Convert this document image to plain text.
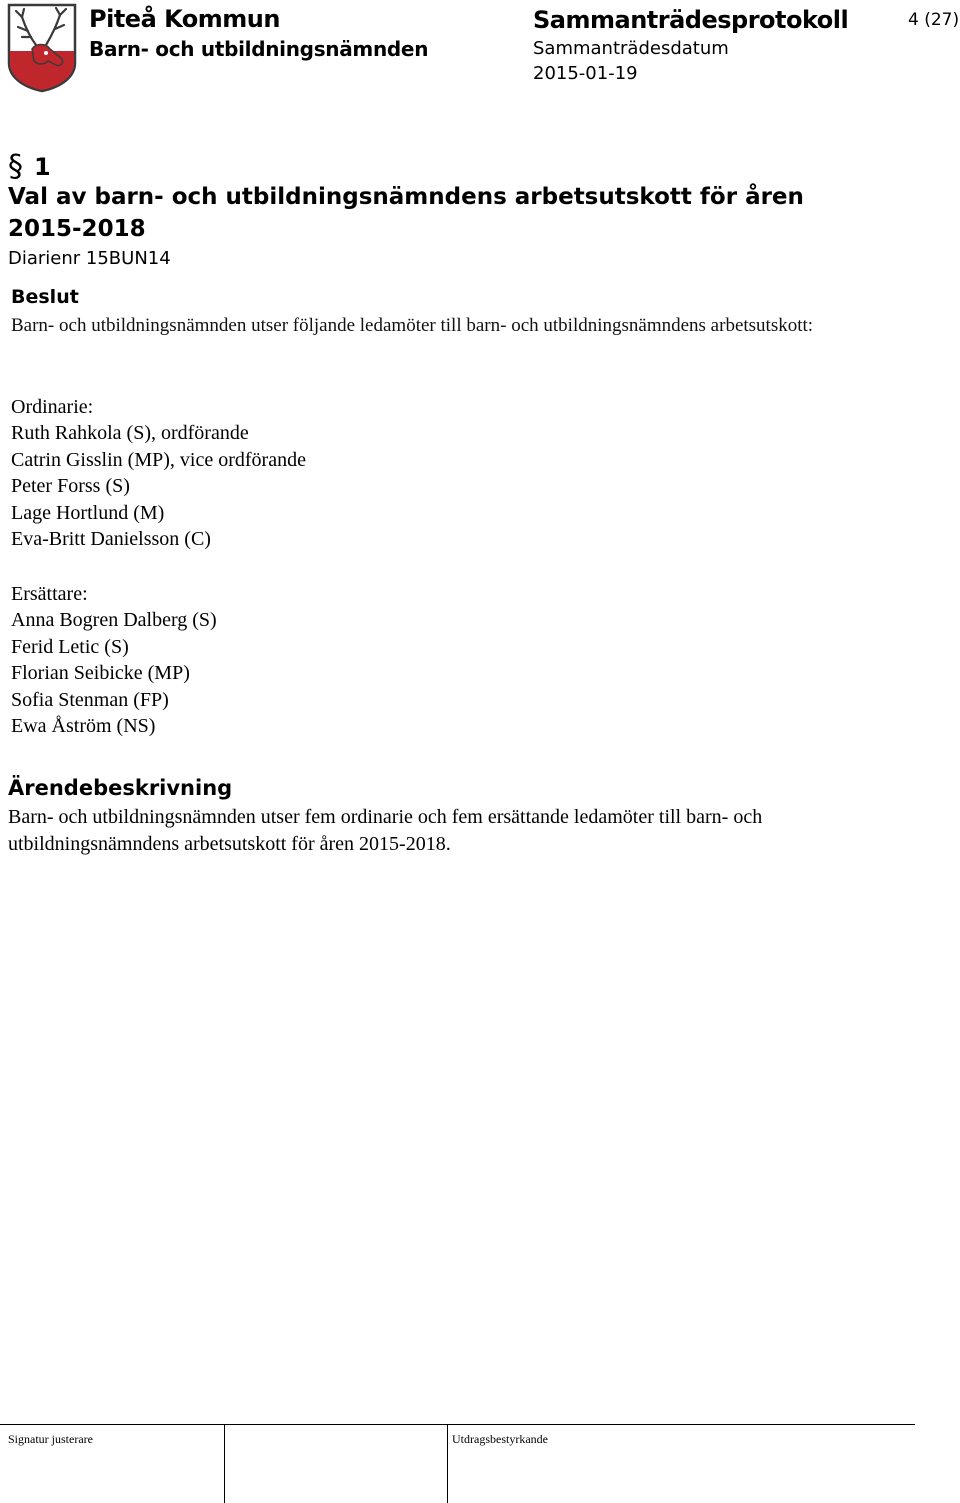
Piteå Kommun
Barn- och utbildningsnämnden
Sammanträdesprotokoll
Sammanträdesdatum
2015-01-19
4 (27)
§ 1
Val av barn- och utbildningsnämndens arbetsutskott för åren 2015-2018
Diarienr 15BUN14
Beslut
Barn- och utbildningsnämnden utser följande ledamöter till barn- och utbildningsnämndens arbetsutskott:
Ordinarie:
Ruth Rahkola (S), ordförande
Catrin Gisslin (MP), vice ordförande
Peter Forss (S)
Lage Hortlund (M)
Eva-Britt Danielsson (C)
Ersättare:
Anna Bogren Dalberg (S)
Ferid Letic (S)
Florian Seibicke (MP)
Sofia Stenman (FP)
Ewa Åström (NS)
Ärendebeskrivning
Barn- och utbildningsnämnden utser fem ordinarie och fem ersättande ledamöter till barn- och utbildningsnämndens arbetsutskott för åren 2015-2018.
Signatur justerare	Utdragsbestyrkande
